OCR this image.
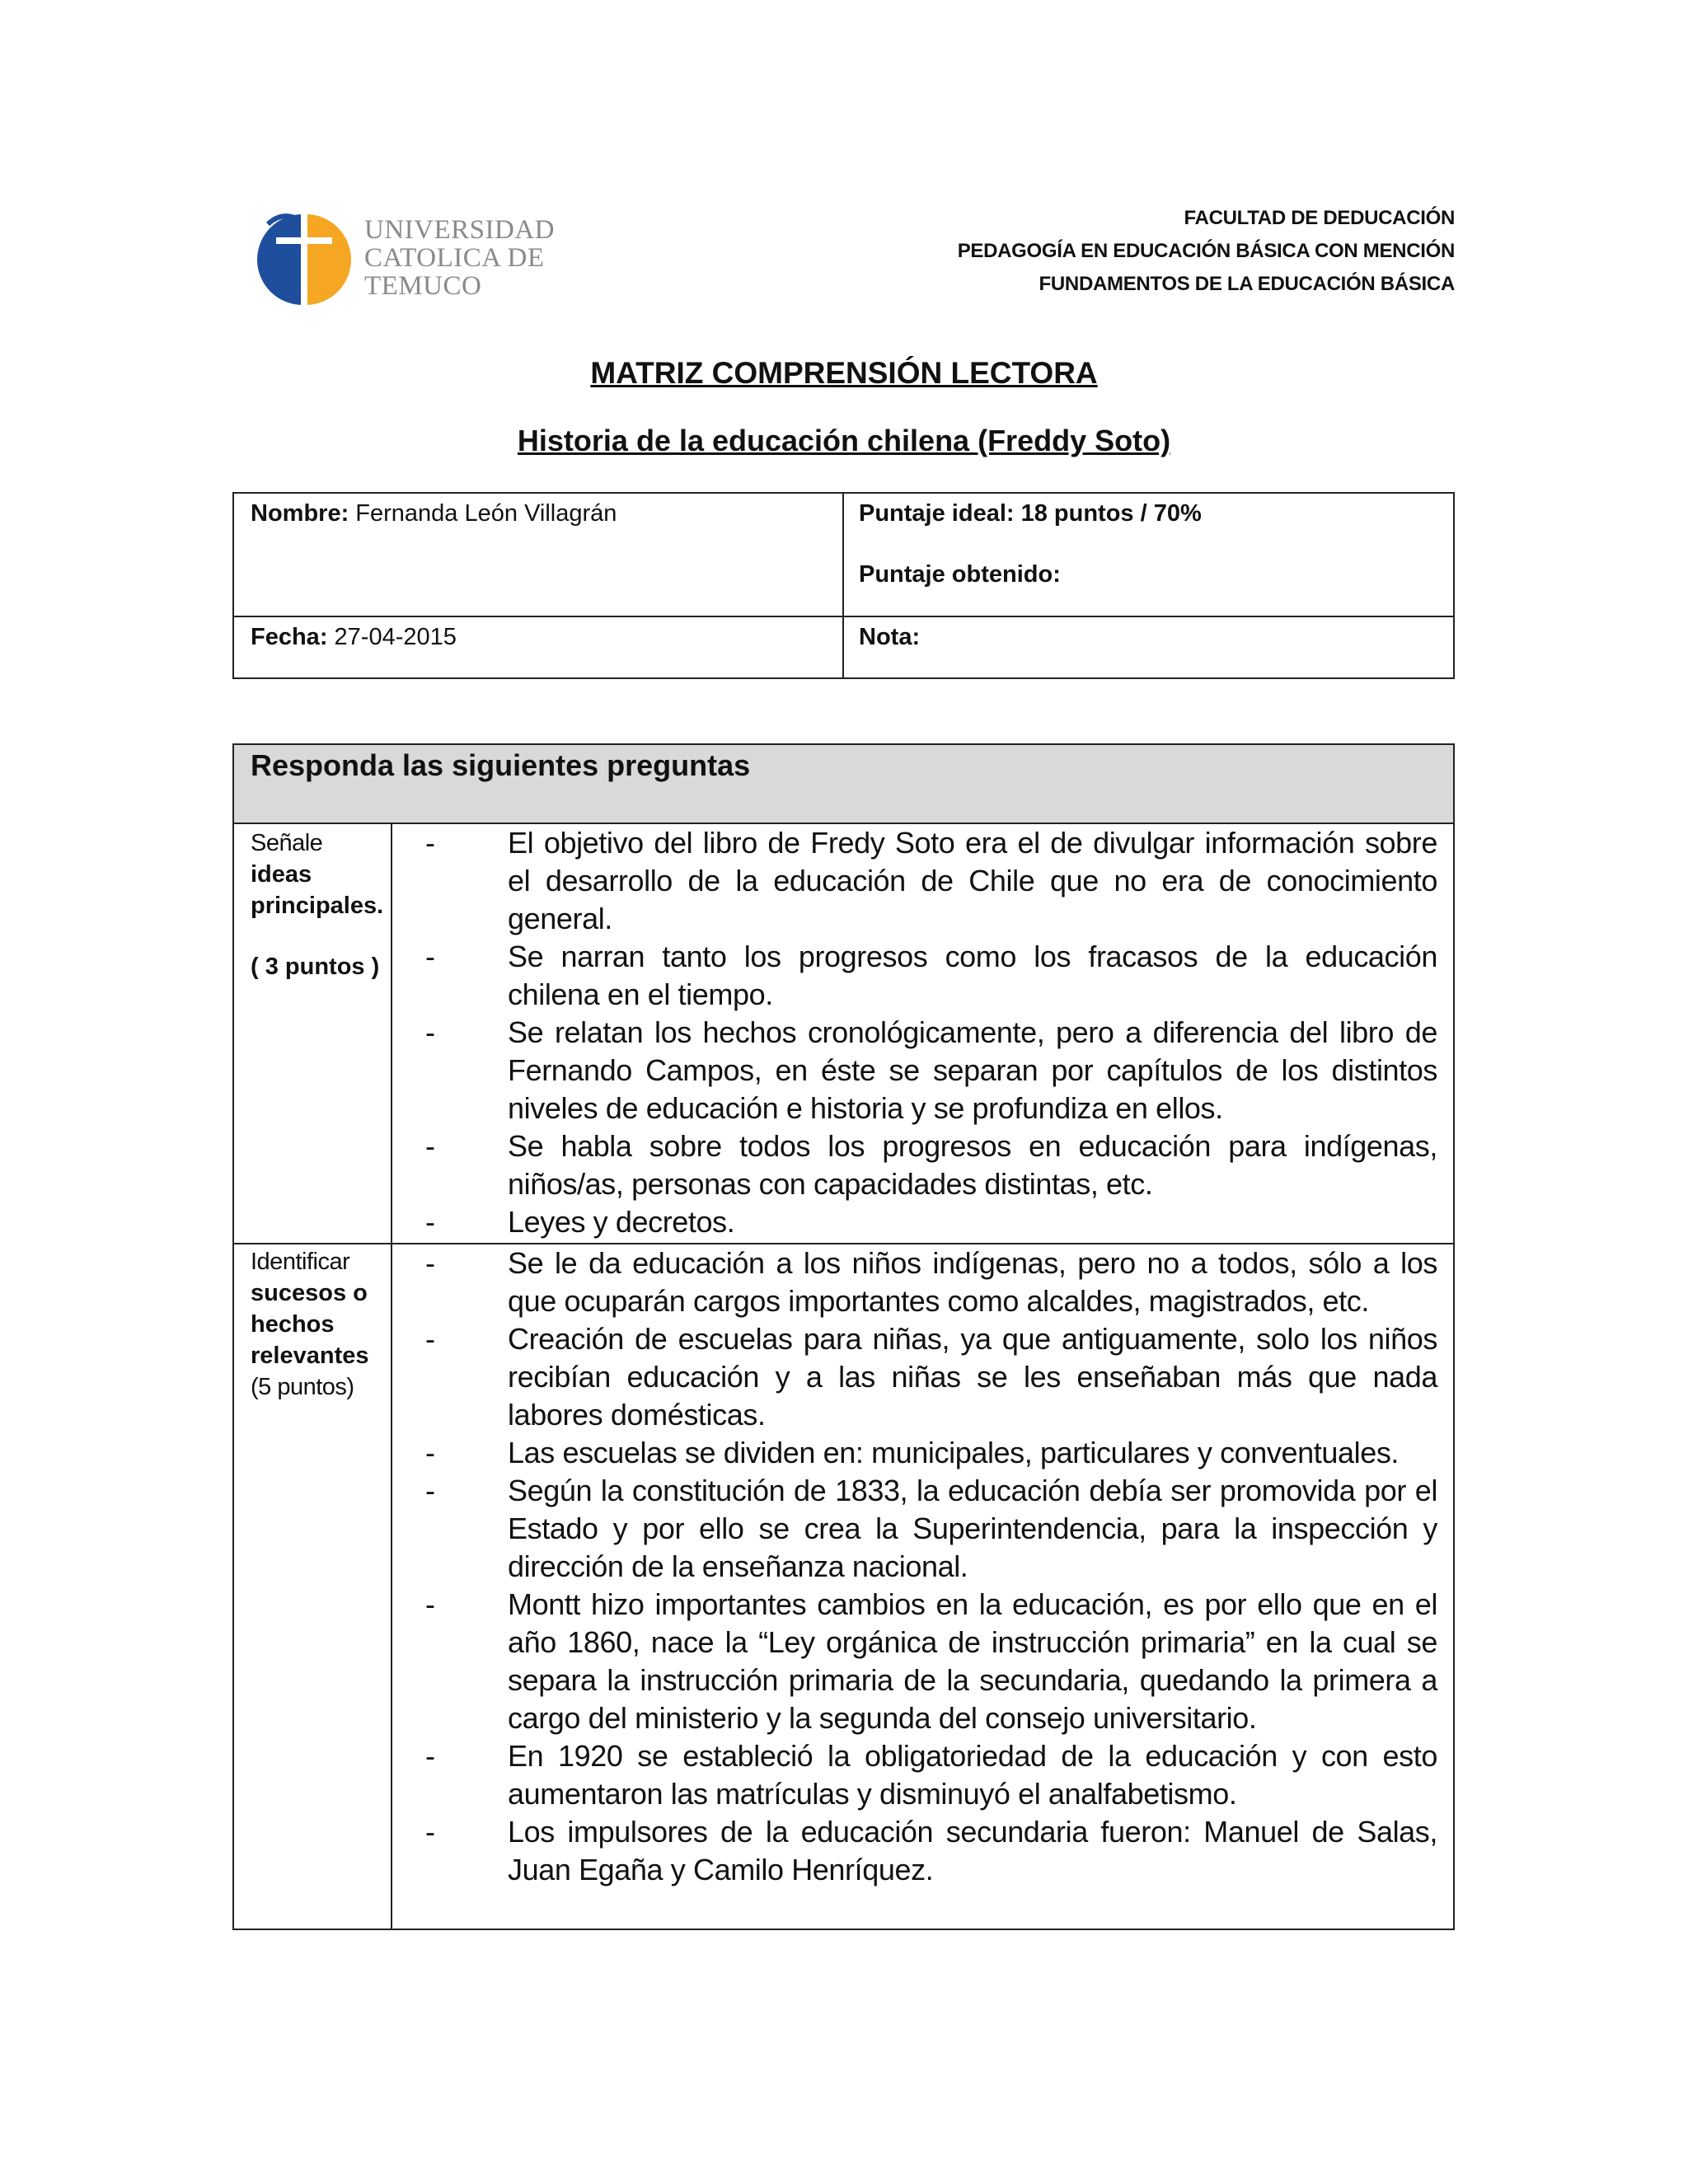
UNIVERSIDAD
CATOLICA DE
TEMUCO
FACULTAD DE DEDUCACIÓN
PEDAGOGÍA EN EDUCACIÓN BÁSICA CON MENCIÓN
FUNDAMENTOS DE LA EDUCACIÓN BÁSICA
MATRIZ COMPRENSIÓN LECTORA
Historia de la educación chilena (Freddy Soto)
Nombre: Fernanda León Villagrán	Puntaje ideal: 18 puntos / 70%
Puntaje obtenido:
Fecha: 27-04-2015	Nota:
Responda las siguientes preguntas
Señale
ideas
principales.
( 3 puntos )
- El objetivo del libro de Fredy Soto era el de divulgar información sobre el desarrollo de la educación de Chile que no era de conocimiento general.
- Se narran tanto los progresos como los fracasos de la educación chilena en el tiempo.
- Se relatan los hechos cronológicamente, pero a diferencia del libro de Fernando Campos, en éste se separan por capítulos de los distintos niveles de educación e historia y se profundiza en ellos.
- Se habla sobre todos los progresos en educación para indígenas, niños/as, personas con capacidades distintas, etc.
- Leyes y decretos.
Identificar
sucesos o
hechos
relevantes
(5 puntos)
- Se le da educación a los niños indígenas, pero no a todos, sólo a los que ocuparán cargos importantes como alcaldes, magistrados, etc.
- Creación de escuelas para niñas, ya que antiguamente, solo los niños recibían educación y a las niñas se les enseñaban más que nada labores domésticas.
- Las escuelas se dividen en: municipales, particulares y conventuales.
- Según la constitución de 1833, la educación debía ser promovida por el Estado y por ello se crea la Superintendencia, para la inspección y dirección de la enseñanza nacional.
- Montt hizo importantes cambios en la educación, es por ello que en el año 1860, nace la “Ley orgánica de instrucción primaria” en la cual se separa la instrucción primaria de la secundaria, quedando la primera a cargo del ministerio y la segunda del consejo universitario.
- En 1920 se estableció la obligatoriedad de la educación y con esto aumentaron las matrículas y disminuyó el analfabetismo.
- Los impulsores de la educación secundaria fueron: Manuel de Salas, Juan Egaña y Camilo Henríquez.
